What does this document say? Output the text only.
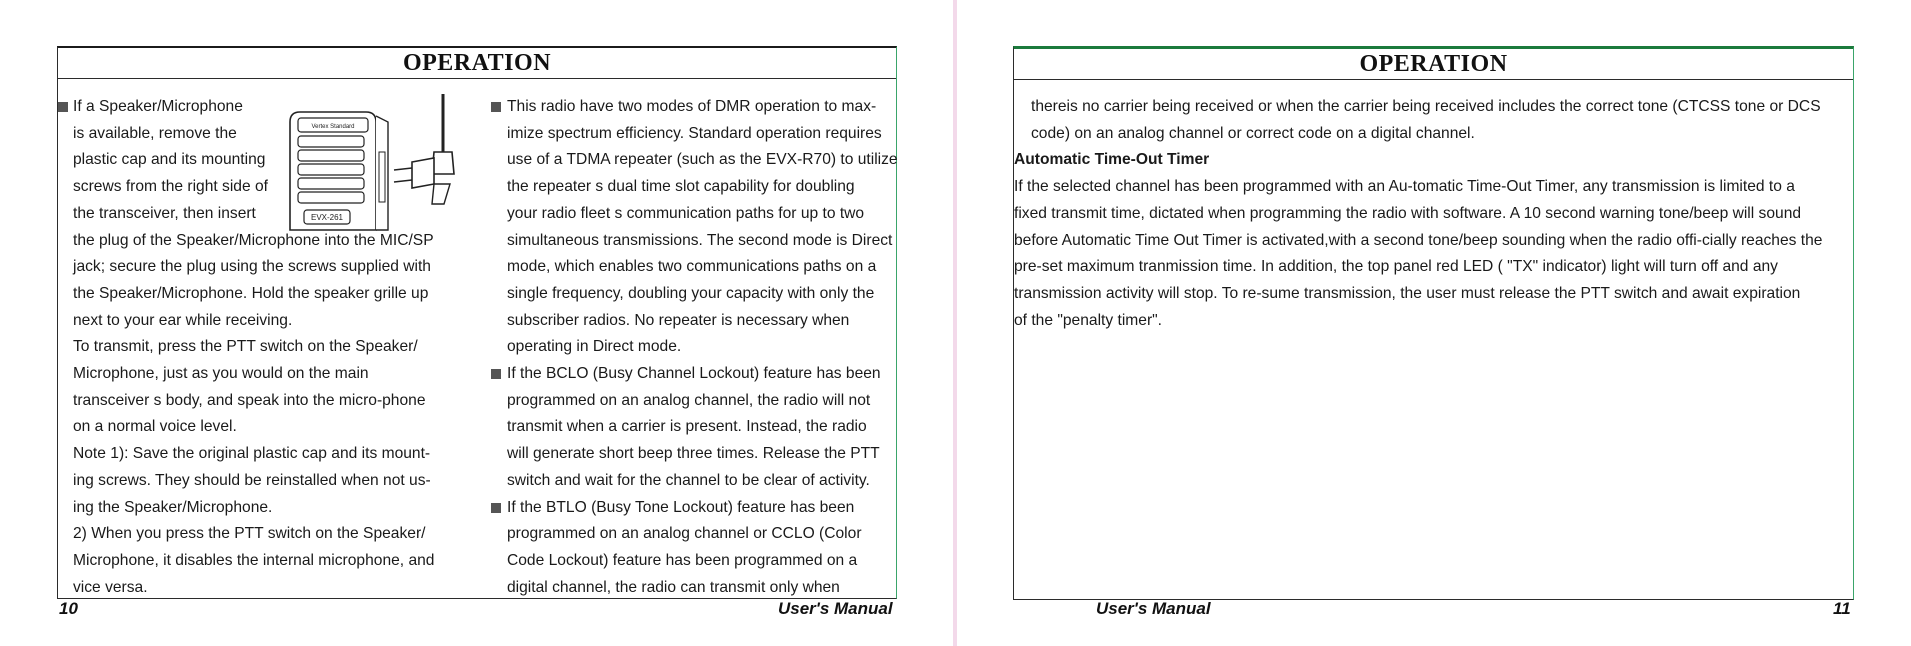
OPERATION
If a Speaker/Microphone
is available, remove the
plastic cap and its mounting
screws from the right side of
the transceiver, then insert
the plug of the Speaker/Microphone into the MIC/SP
jack; secure the plug using the screws supplied with
the Speaker/Microphone. Hold the speaker grille up
next to your ear while receiving.
To transmit, press the PTT switch on the Speaker/
Microphone, just as you would on the main
transceiver s body, and speak into the micro-phone
on a normal voice level.
Note 1): Save the original plastic cap and its mount-
ing screws. They should be reinstalled when not us-
ing the Speaker/Microphone.
2) When you press the PTT switch on the Speaker/
Microphone, it disables the internal microphone, and
vice versa.
Vertex Standard
EVX-261
This radio have two modes of DMR operation to max-
imize spectrum efficiency. Standard operation requires
use of a TDMA repeater (such as the EVX-R70) to utilize
the repeater s dual time slot capability for doubling
your radio fleet s communication paths for up to two
simultaneous transmissions. The second mode is Direct
mode, which enables two communications paths on a
single frequency, doubling your capacity with only the
subscriber radios. No repeater is necessary when
operating in Direct mode.
If the BCLO (Busy Channel Lockout) feature has been
programmed on an analog channel, the radio will not
transmit when a carrier is present. Instead, the radio
will generate short beep three times. Release the PTT
switch and wait for the channel to be clear of activity.
If the BTLO (Busy Tone Lockout) feature has been
programmed on an analog channel or CCLO (Color
Code Lockout) feature has been programmed on a
digital channel, the radio can transmit only when
10	User's Manual
OPERATION
User's Manual	11
thereis no carrier being received or when the carrier being received includes the correct tone (CTCSS tone or DCS
code) on an analog channel or correct code on a digital channel.
Automatic Time-Out Timer
If the selected channel has been programmed with an Au-tomatic Time-Out Timer, any transmission is limited to a
fixed transmit time, dictated when programming the radio with software. A 10 second warning tone/beep will sound
before Automatic Time Out Timer is activated,with a second tone/beep sounding when the radio offi-cially reaches the
pre-set maximum tranmission time. In addition, the top panel red LED ( "TX" indicator) light will turn off and any
transmission activity will stop. To re-sume transmission, the user must release the PTT switch and await expiration
of the "penalty timer".
